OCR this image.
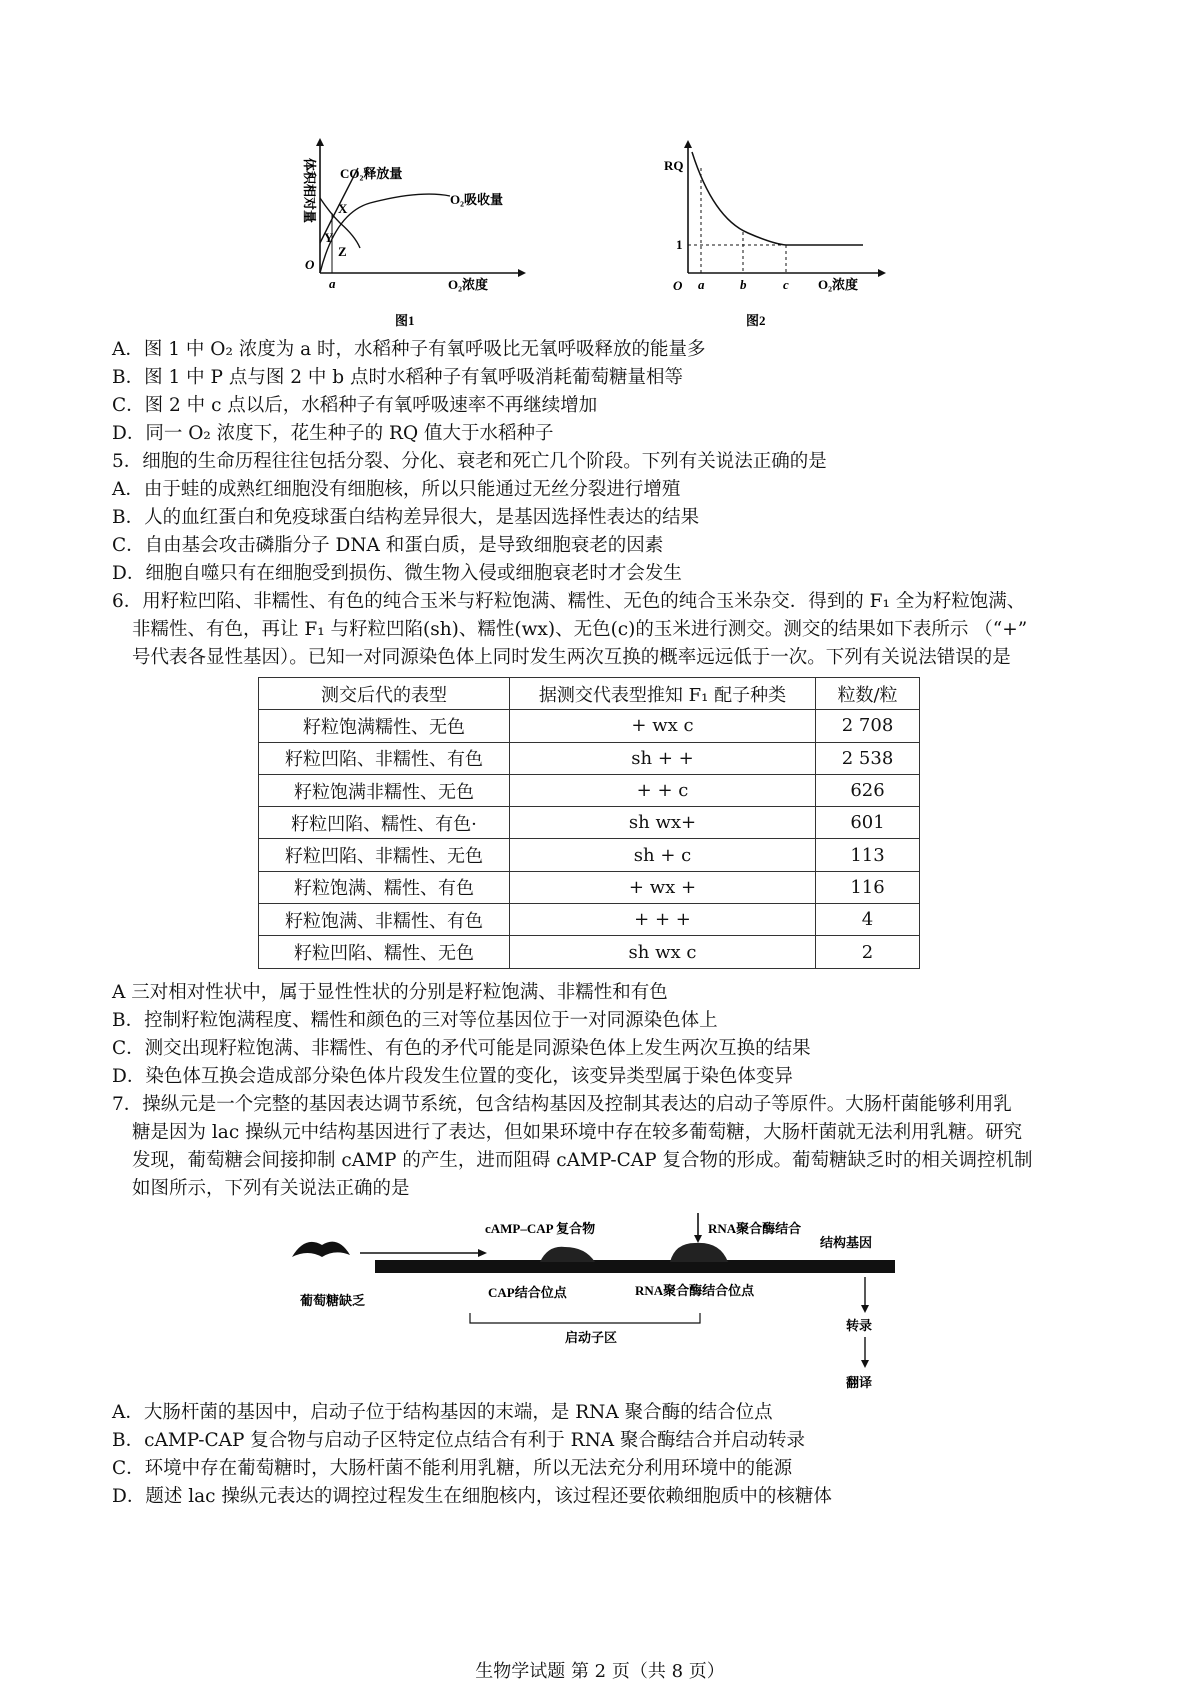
体积相对量
O
O₂浓度
a
CO₂释放量
O₂吸收量
X
Y
Z
图1
RQ
O
1
a	b	c O₂浓度
图2
A．图 1 中 O₂ 浓度为 a 时，水稻种子有氧呼吸比无氧呼吸释放的能量多
B．图 1 中 P 点与图 2 中 b 点时水稻种子有氧呼吸消耗葡萄糖量相等
C．图 2 中 c 点以后，水稻种子有氧呼吸速率不再继续增加
D．同一 O₂ 浓度下，花生种子的 RQ 值大于水稻种子
5．细胞的生命历程往往包括分裂、分化、衰老和死亡几个阶段。下列有关说法正确的是
A．由于蛙的成熟红细胞没有细胞核，所以只能通过无丝分裂进行增殖
B．人的血红蛋白和免疫球蛋白结构差异很大，是基因选择性表达的结果
C．自由基会攻击磷脂分子 DNA 和蛋白质，是导致细胞衰老的因素
D．细胞自噬只有在细胞受到损伤、微生物入侵或细胞衰老时才会发生
6．用籽粒凹陷、非糯性、有色的纯合玉米与籽粒饱满、糯性、无色的纯合玉米杂交．得到的 F₁ 全为籽粒饱满、
非糯性、有色，再让 F₁ 与籽粒凹陷(sh)、糯性(wx)、无色(c)的玉米进行测交。测交的结果如下表所示 （“+”
号代表各显性基因）。已知一对同源染色体上同时发生两次互换的概率远远低于一次。下列有关说法错误的是
测交后代的表型	据测交代表型推知 F₁ 配子种类	粒数/粒
籽粒饱满糯性、无色	+ wx c	2 708
籽粒凹陷、非糯性、有色	sh + +	2 538
籽粒饱满非糯性、无色	+ + c	626
籽粒凹陷、糯性、有色·	sh wx+	601
籽粒凹陷、非糯性、无色	sh + c	113
籽粒饱满、糯性、有色	+ wx +	116
籽粒饱满、非糯性、有色	+ + +	4
籽粒凹陷、糯性、无色	sh wx c	2
A 三对相对性状中，属于显性性状的分别是籽粒饱满、非糯性和有色
B．控制籽粒饱满程度、糯性和颜色的三对等位基因位于一对同源染色体上
C．测交出现籽粒饱满、非糯性、有色的矛代可能是同源染色体上发生两次互换的结果
D．染色体互换会造成部分染色体片段发生位置的变化，该变异类型属于染色体变异
7．操纵元是一个完整的基因表达调节系统，包含结构基因及控制其表达的启动子等原件。大肠杆菌能够利用乳
糖是因为 lac 操纵元中结构基因进行了表达，但如果环境中存在较多葡萄糖，大肠杆菌就无法利用乳糖。研究
发现，葡萄糖会间接抑制 cAMP 的产生，进而阻碍 cAMP-CAP 复合物的形成。葡萄糖缺乏时的相关调控机制
如图所示，下列有关说法正确的是
cAMP–CAP 复合物	RNA聚合酶结合
结构基因
葡萄糖缺乏
CAP结合位点	RNA聚合酶结合位点
启动子区
转录
翻译
A．大肠杆菌的基因中，启动子位于结构基因的末端，是 RNA 聚合酶的结合位点
B．cAMP-CAP 复合物与启动子区特定位点结合有利于 RNA 聚合酶结合并启动转录
C．环境中存在葡萄糖时，大肠杆菌不能利用乳糖，所以无法充分利用环境中的能源
D．题述 lac 操纵元表达的调控过程发生在细胞核内，该过程还要依赖细胞质中的核糖体
生物学试题 第 2 页（共 8 页）
